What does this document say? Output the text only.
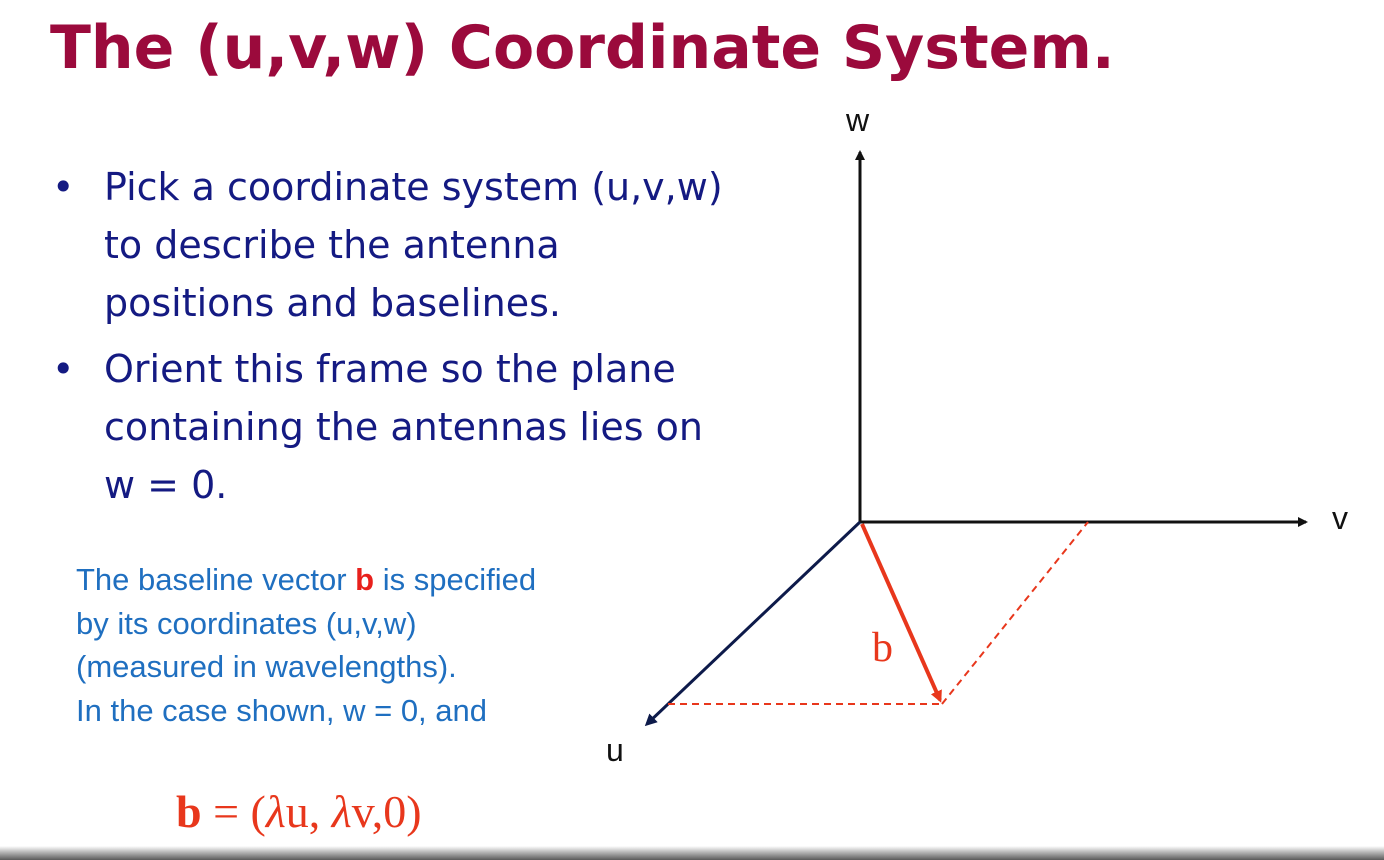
The (u,v,w) Coordinate System.
• Pick a coordinate system (u,v,w)
to describe the antenna
positions and baselines.
• Orient this frame so the plane
containing the antennas lies on
w = 0.
The baseline vector b is specified
by its coordinates (u,v,w)
(measured in wavelengths).
In the case shown, w = 0, and
b = (λu, λv,0)
w
v
u
b
